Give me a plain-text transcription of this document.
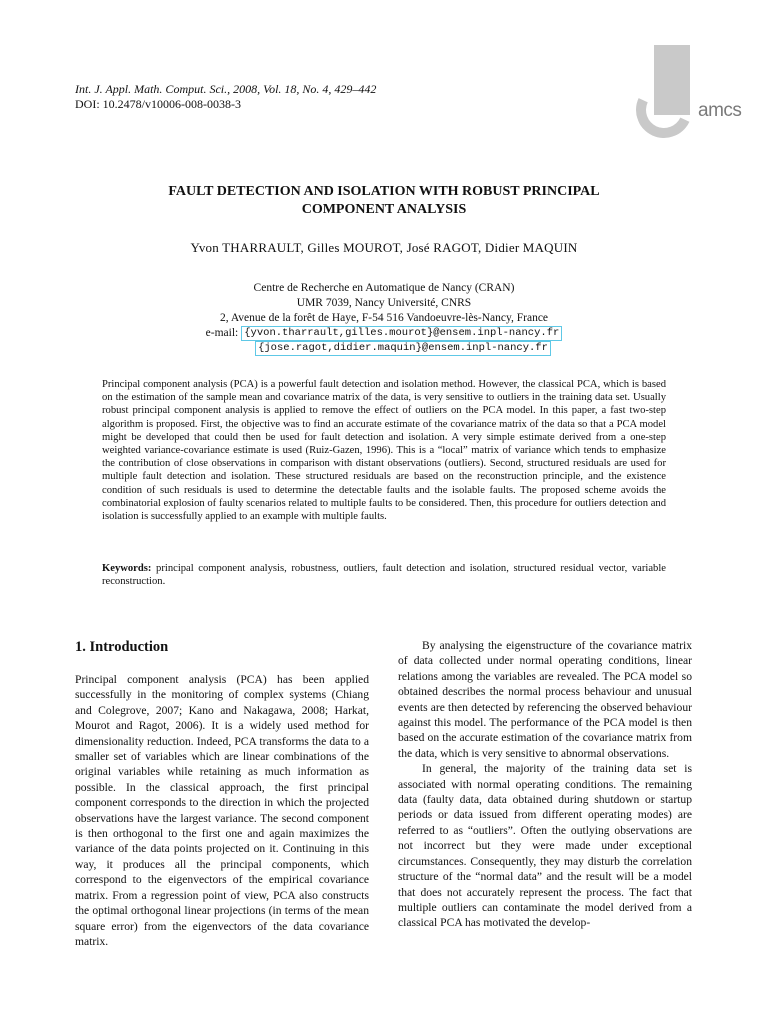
Int. J. Appl. Math. Comput. Sci., 2008, Vol. 18, No. 4, 429–442
DOI: 10.2478/v10006-008-0038-3	amcs
FAULT DETECTION AND ISOLATION WITH ROBUST PRINCIPAL
COMPONENT ANALYSIS
Yvon THARRAULT, Gilles MOUROT, José RAGOT, Didier MAQUIN
Centre de Recherche en Automatique de Nancy (CRAN)
UMR 7039, Nancy Université, CNRS
2, Avenue de la forêt de Haye, F-54 516 Vandoeuvre-lès-Nancy, France
e-mail: {yvon.tharrault,gilles.mourot}@ensem.inpl-nancy.fr
{jose.ragot,didier.maquin}@ensem.inpl-nancy.fr
Principal component analysis (PCA) is a powerful fault detection and isolation method. However, the classical PCA, which is based on the estimation of the sample mean and covariance matrix of the data, is very sensitive to outliers in the training data set. Usually robust principal component analysis is applied to remove the effect of outliers on the PCA model. In this paper, a fast two-step algorithm is proposed. First, the objective was to find an accurate estimate of the covariance matrix of the data so that a PCA model might be developed that could then be used for fault detection and isolation. A very simple estimate derived from a one-step weighted variance-covariance estimate is used (Ruiz-Gazen, 1996). This is a “local” matrix of variance which tends to emphasize the contribution of close observations in comparison with distant observations (outliers). Second, structured residuals are used for multiple fault detection and isolation. These structured residuals are based on the reconstruction principle, and the existence condition of such residuals is used to determine the detectable faults and the isolable faults. The proposed scheme avoids the combinatorial explosion of faulty scenarios related to multiple faults to be considered. Then, this procedure for outliers detection and isolation is successfully applied to an example with multiple faults.
Keywords: principal component analysis, robustness, outliers, fault detection and isolation, structured residual vector, variable reconstruction.
1. Introduction

Principal component analysis (PCA) has been applied successfully in the monitoring of complex systems (Chiang and Colegrove, 2007; Kano and Nakagawa, 2008; Harkat, Mourot and Ragot, 2006). It is a widely used method for dimensionality reduction. Indeed, PCA transforms the data to a smaller set of variables which are linear combinations of the original variables while retaining as much information as possible. In the classical approach, the first principal component corresponds to the direction in which the projected observations have the largest variance. The second component is then orthogonal to the first one and again maximizes the variance of the data points projected on it. Continuing in this way, it produces all the principal components, which correspond to the eigenvectors of the empirical covariance matrix. From a regression point of view, PCA also constructs the optimal orthogonal linear projections (in terms of the mean square error) from the eigenvectors of the data covariance matrix.

By analysing the eigenstructure of the covariance matrix of data collected under normal operating conditions, linear relations among the variables are revealed. The PCA model so obtained describes the normal process behaviour and unusual events are then detected by referencing the observed behaviour against this model. The performance of the PCA model is then based on the accurate estimation of the covariance matrix from the data, which is very sensitive to abnormal observations.

In general, the majority of the training data set is associated with normal operating conditions. The remaining data (faulty data, data obtained during shutdown or startup periods or data issued from different operating modes) are referred to as “outliers”. Often the outlying observations are not incorrect but they were made under exceptional circumstances. Consequently, they may disturb the correlation structure of the “normal data” and the result will be a model that does not accurately represent the process. The fact that multiple outliers can contaminate the model derived from a classical PCA has motivated the develop-
